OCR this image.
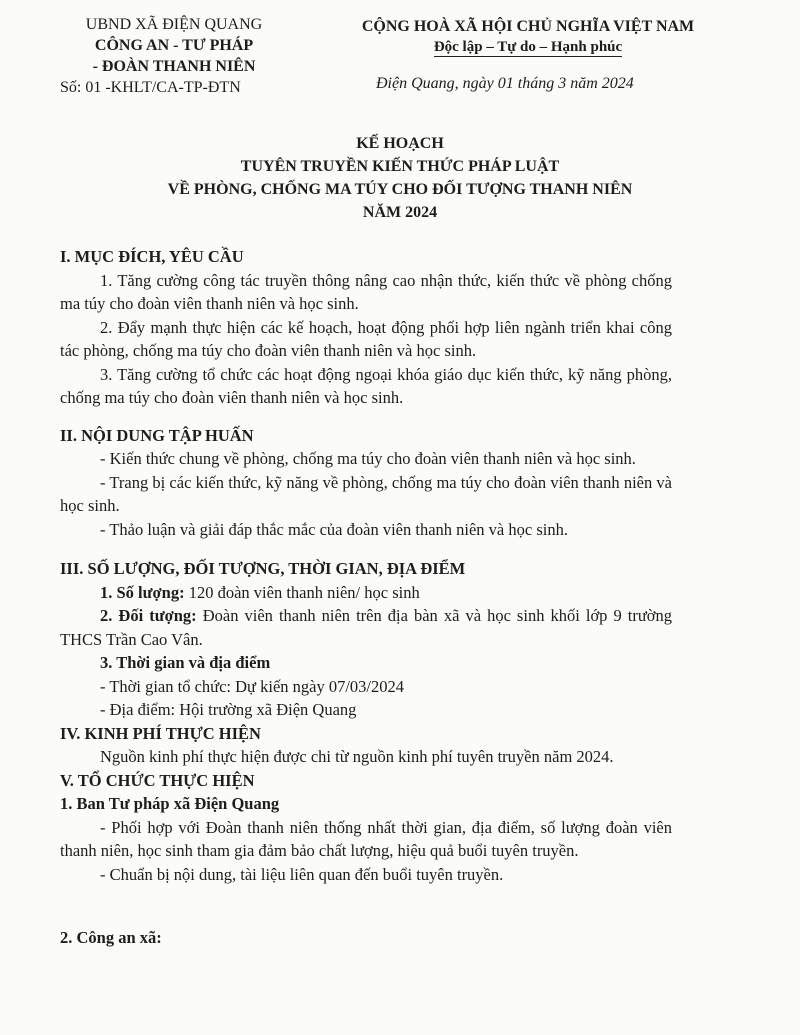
UBND XÃ ĐIỆN QUANG
CÔNG AN - TƯ PHÁP
- ĐOÀN THANH NIÊN
Số: 01 -KHLT/CA-TP-ĐTN
CỘNG HOÀ XÃ HỘI CHỦ NGHĨA VIỆT NAM
Độc lập – Tự do – Hạnh phúc
Điện Quang, ngày 01 tháng 3 năm 2024
KẾ HOẠCH
TUYÊN TRUYỀN KIẾN THỨC PHÁP LUẬT
VỀ PHÒNG, CHỐNG MA TÚY CHO ĐỐI TƯỢNG THANH NIÊN
NĂM 2024

I. MỤC ĐÍCH, YÊU CẦU

1. Tăng cường công tác truyền thông nâng cao nhận thức, kiến thức về phòng chống ma túy cho đoàn viên thanh niên và học sinh.

2. Đẩy mạnh thực hiện các kế hoạch, hoạt động phối hợp liên ngành triển khai công tác phòng, chống ma túy cho đoàn viên thanh niên và học sinh.

3. Tăng cường tổ chức các hoạt động ngoại khóa giáo dục kiến thức, kỹ năng phòng, chống ma túy cho đoàn viên thanh niên và học sinh.

II. NỘI DUNG TẬP HUẤN

- Kiến thức chung về phòng, chống ma túy cho đoàn viên thanh niên và học sinh.

- Trang bị các kiến thức, kỹ năng về phòng, chống ma túy cho đoàn viên thanh niên và học sinh.

- Thảo luận và giải đáp thắc mắc của đoàn viên thanh niên và học sinh.

III. SỐ LƯỢNG, ĐỐI TƯỢNG, THỜI GIAN, ĐỊA ĐIỂM

1. Số lượng: 120 đoàn viên thanh niên/ học sinh

2. Đối tượng: Đoàn viên thanh niên trên địa bàn xã và học sinh khối lớp 9 trường THCS Trần Cao Vân.

3. Thời gian và địa điểm

- Thời gian tổ chức: Dự kiến ngày 07/03/2024

- Địa điểm: Hội trường xã Điện Quang

IV. KINH PHÍ THỰC HIỆN

Nguồn kinh phí thực hiện được chi từ nguồn kinh phí tuyên truyền năm 2024.

V. TỔ CHỨC THỰC HIỆN

1. Ban Tư pháp xã Điện Quang

- Phối hợp với Đoàn thanh niên thống nhất thời gian, địa điểm, số lượng đoàn viên thanh niên, học sinh tham gia đảm bảo chất lượng, hiệu quả buổi tuyên truyền.

- Chuẩn bị nội dung, tài liệu liên quan đến buổi tuyên truyền.

2. Công an xã:
